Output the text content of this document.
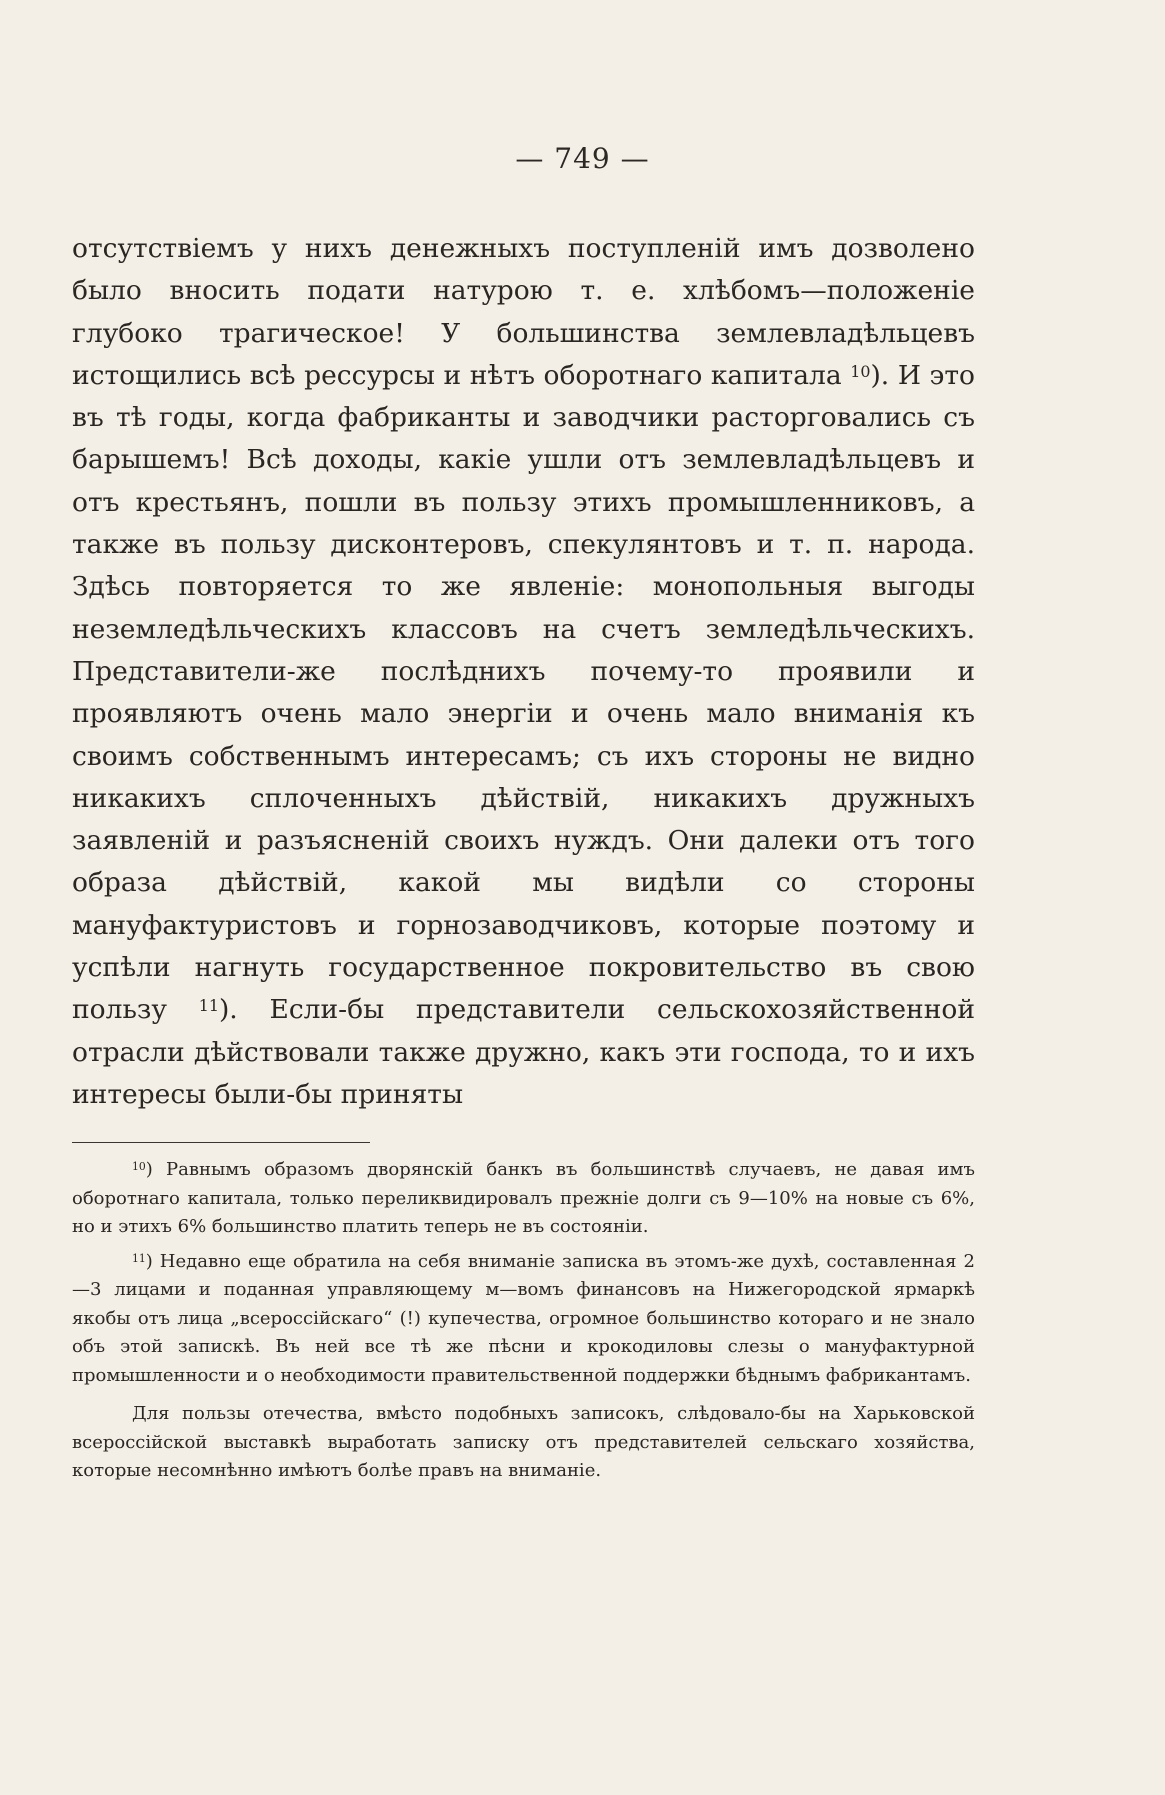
— 749 —

отсутствіемъ у нихъ денежныхъ поступленій имъ дозволено было вносить подати натурою т. е. хлѣбомъ—положеніе глубоко трагическое! У большинства землевладѣльцевъ истощились всѣ рессурсы и нѣтъ оборотнаго капитала $^{10}$). И это въ тѣ годы, когда фабриканты и заводчики расторговались съ барышемъ! Всѣ доходы, какіе ушли отъ землевладѣльцевъ и отъ крестьянъ, пошли въ пользу этихъ промышленниковъ, а также въ пользу дисконтеровъ, спекулянтовъ и т. п. народа. Здѣсь повторяется то же явленіе: монопольныя выгоды неземледѣльческихъ классовъ на счетъ земледѣльческихъ. Представители-же послѣднихъ почему-то проявили и проявляютъ очень мало энергіи и очень мало вниманія къ своимъ собственнымъ интересамъ; съ ихъ стороны не видно никакихъ сплоченныхъ дѣйствій, никакихъ дружныхъ заявленій и разъясненій своихъ нуждъ. Они далеки отъ того образа дѣйствій, какой мы видѣли со стороны мануфактуристовъ и горнозаводчиковъ, которые поэтому и успѣли нагнуть государственное покровительство въ свою пользу $^{11}$). Если-бы представители сельскохозяйственной отрасли дѣйствовали также дружно, какъ эти господа, то и ихъ интересы были-бы приняты

$^{10}$) Равнымъ образомъ дворянскій банкъ въ большинствѣ случаевъ, не давая имъ оборотнаго капитала, только переликвидировалъ прежніе долги съ 9—10% на новые съ 6%, но и этихъ 6% большинство платить теперь не въ состояніи.

$^{11}$) Недавно еще обратила на себя вниманіе записка въ этомъ-же духѣ, составленная 2—3 лицами и поданная управляющему м—вомъ финансовъ на Нижегородской ярмаркѣ якобы отъ лица „всероссійскаго“ (!) купечества, огромное большинство котораго и не знало объ этой запискѣ. Въ ней все тѣ же пѣсни и крокодиловы слезы о мануфактурной промышленности и о необходимости правительственной поддержки бѣднымъ фабрикантамъ.

Для пользы отечества, вмѣсто подобныхъ записокъ, слѣдовало-бы на Харьковской всероссійской выставкѣ выработать записку отъ представителей сельскаго хозяйства, которые несомнѣнно имѣютъ болѣе правъ на вниманіе.
